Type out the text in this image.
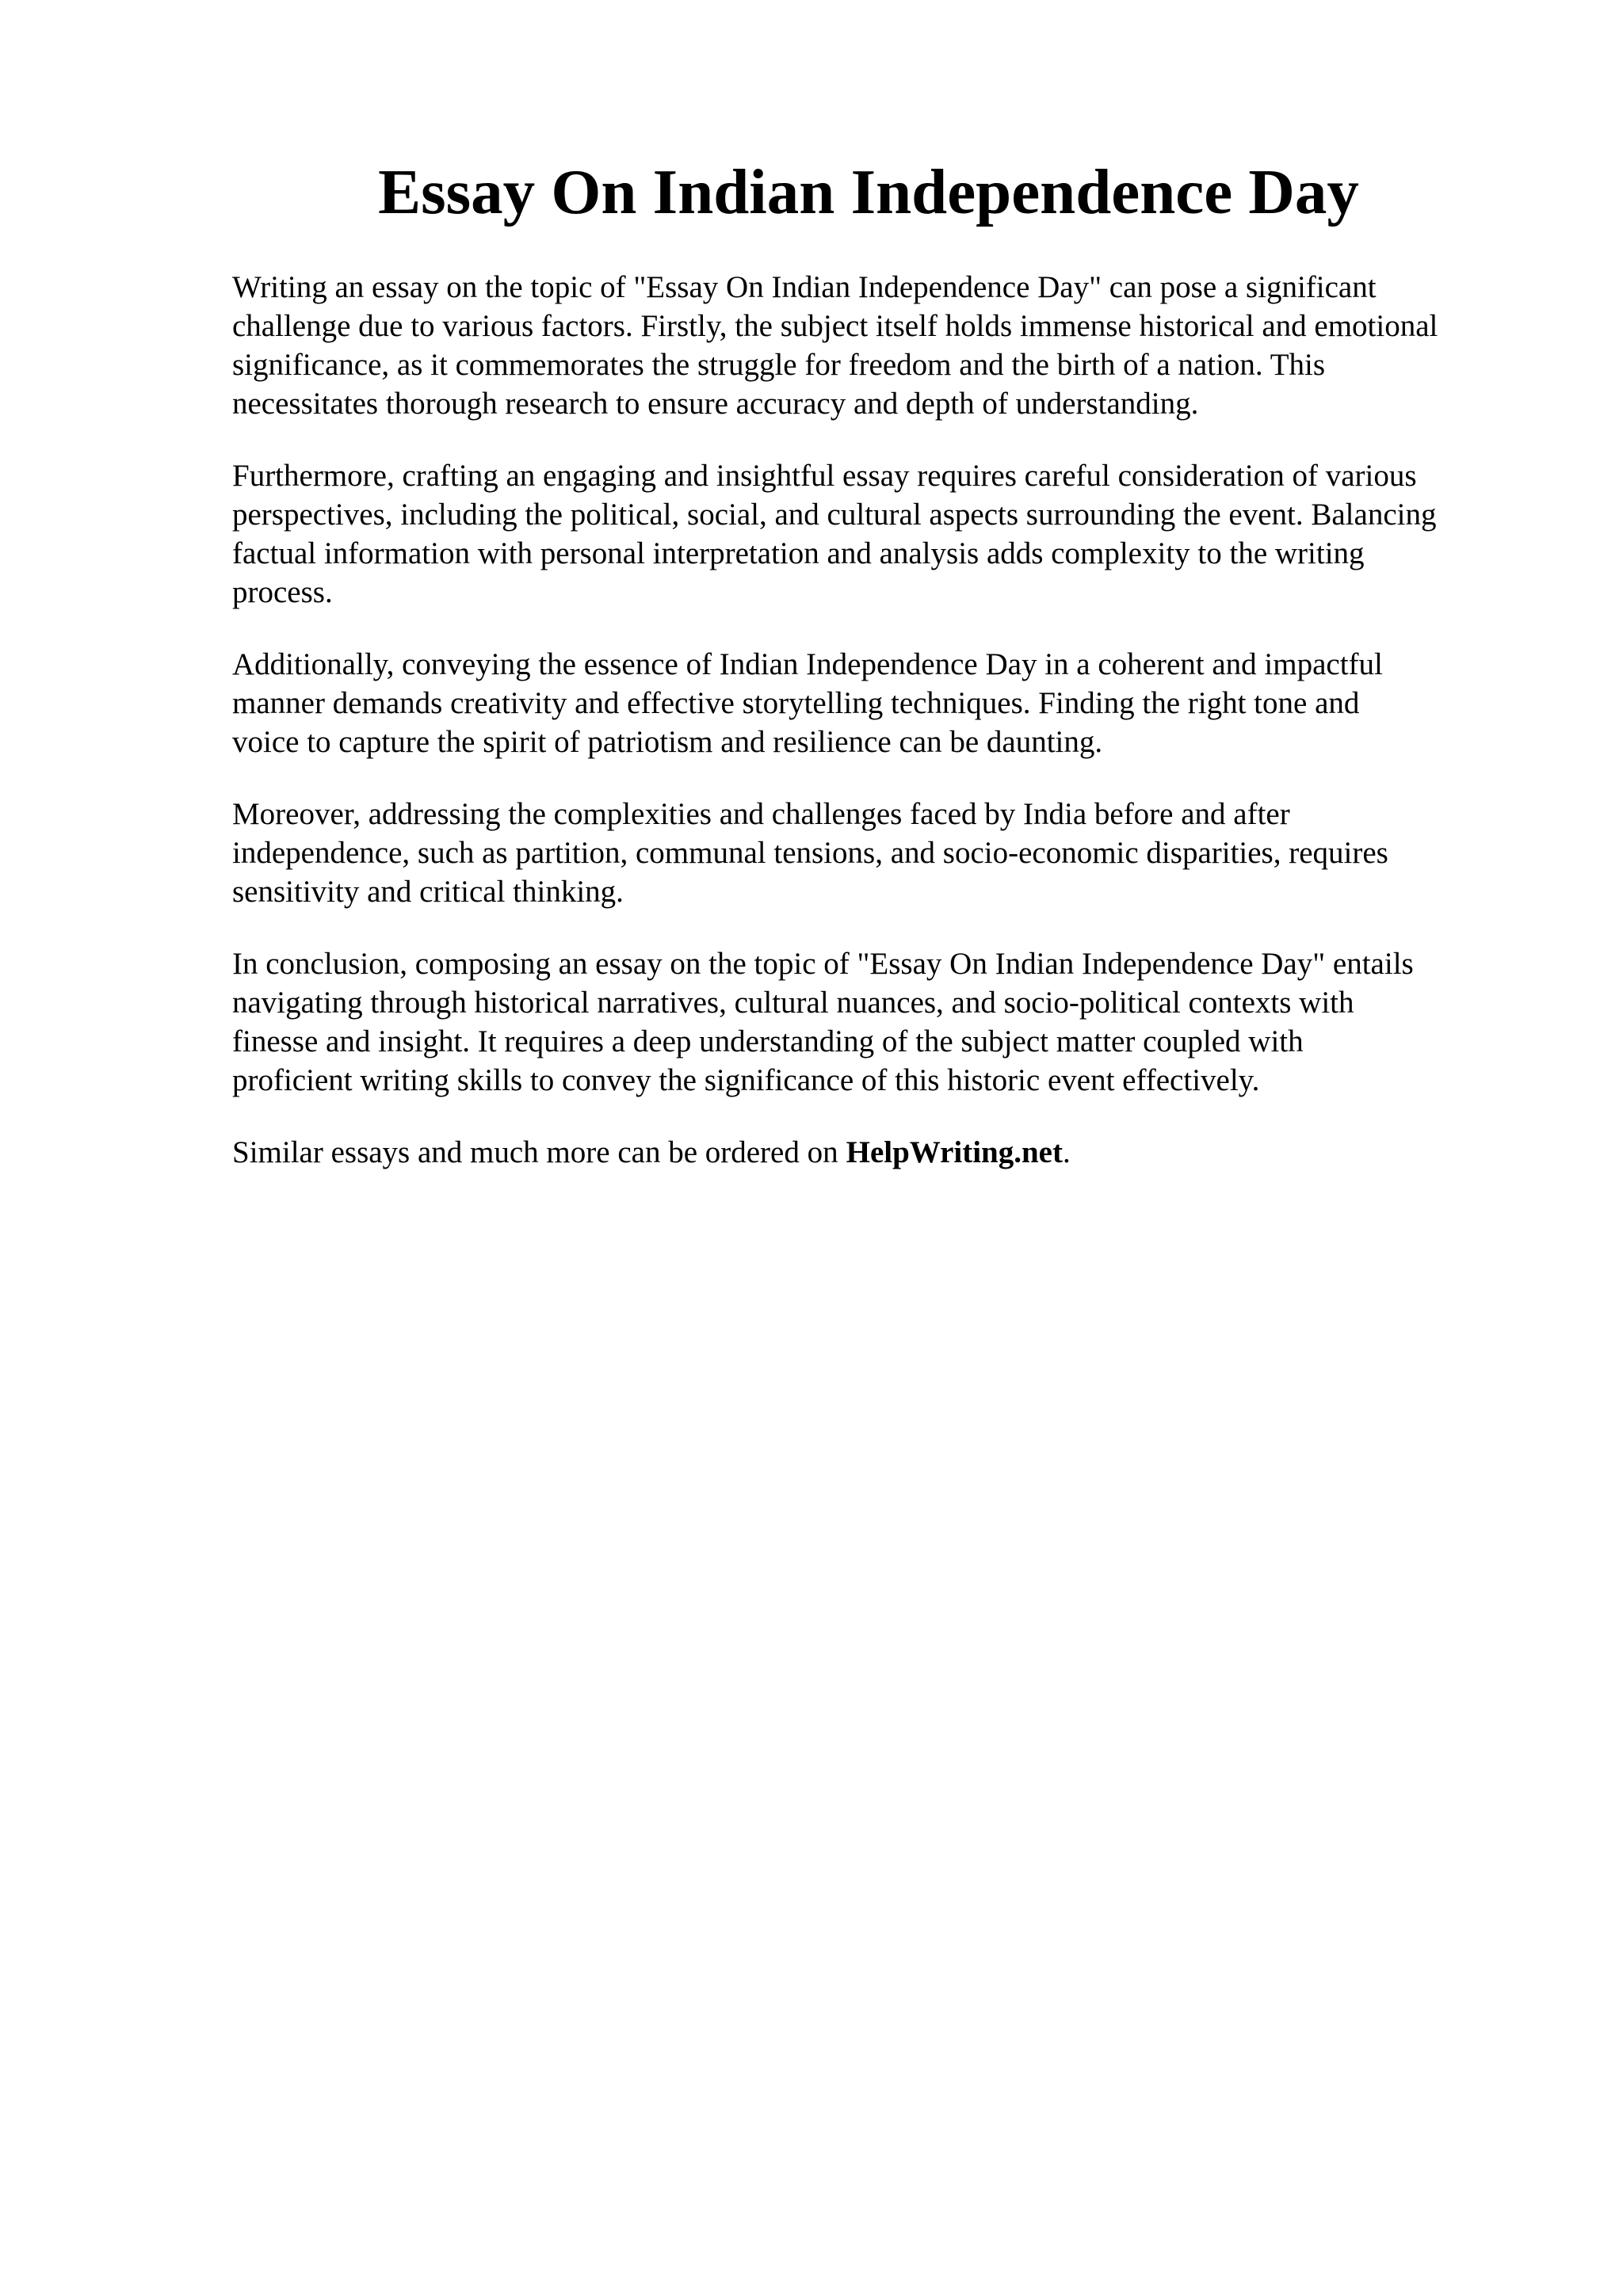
Essay On Indian Independence Day

Writing an essay on the topic of "Essay On Indian Independence Day" can pose a significant
challenge due to various factors. Firstly, the subject itself holds immense historical and emotional
significance, as it commemorates the struggle for freedom and the birth of a nation. This
necessitates thorough research to ensure accuracy and depth of understanding.

Furthermore, crafting an engaging and insightful essay requires careful consideration of various
perspectives, including the political, social, and cultural aspects surrounding the event. Balancing
factual information with personal interpretation and analysis adds complexity to the writing
process.

Additionally, conveying the essence of Indian Independence Day in a coherent and impactful
manner demands creativity and effective storytelling techniques. Finding the right tone and
voice to capture the spirit of patriotism and resilience can be daunting.

Moreover, addressing the complexities and challenges faced by India before and after
independence, such as partition, communal tensions, and socio-economic disparities, requires
sensitivity and critical thinking.

In conclusion, composing an essay on the topic of "Essay On Indian Independence Day" entails
navigating through historical narratives, cultural nuances, and socio-political contexts with
finesse and insight. It requires a deep understanding of the subject matter coupled with
proficient writing skills to convey the significance of this historic event effectively.

Similar essays and much more can be ordered on HelpWriting.net.
